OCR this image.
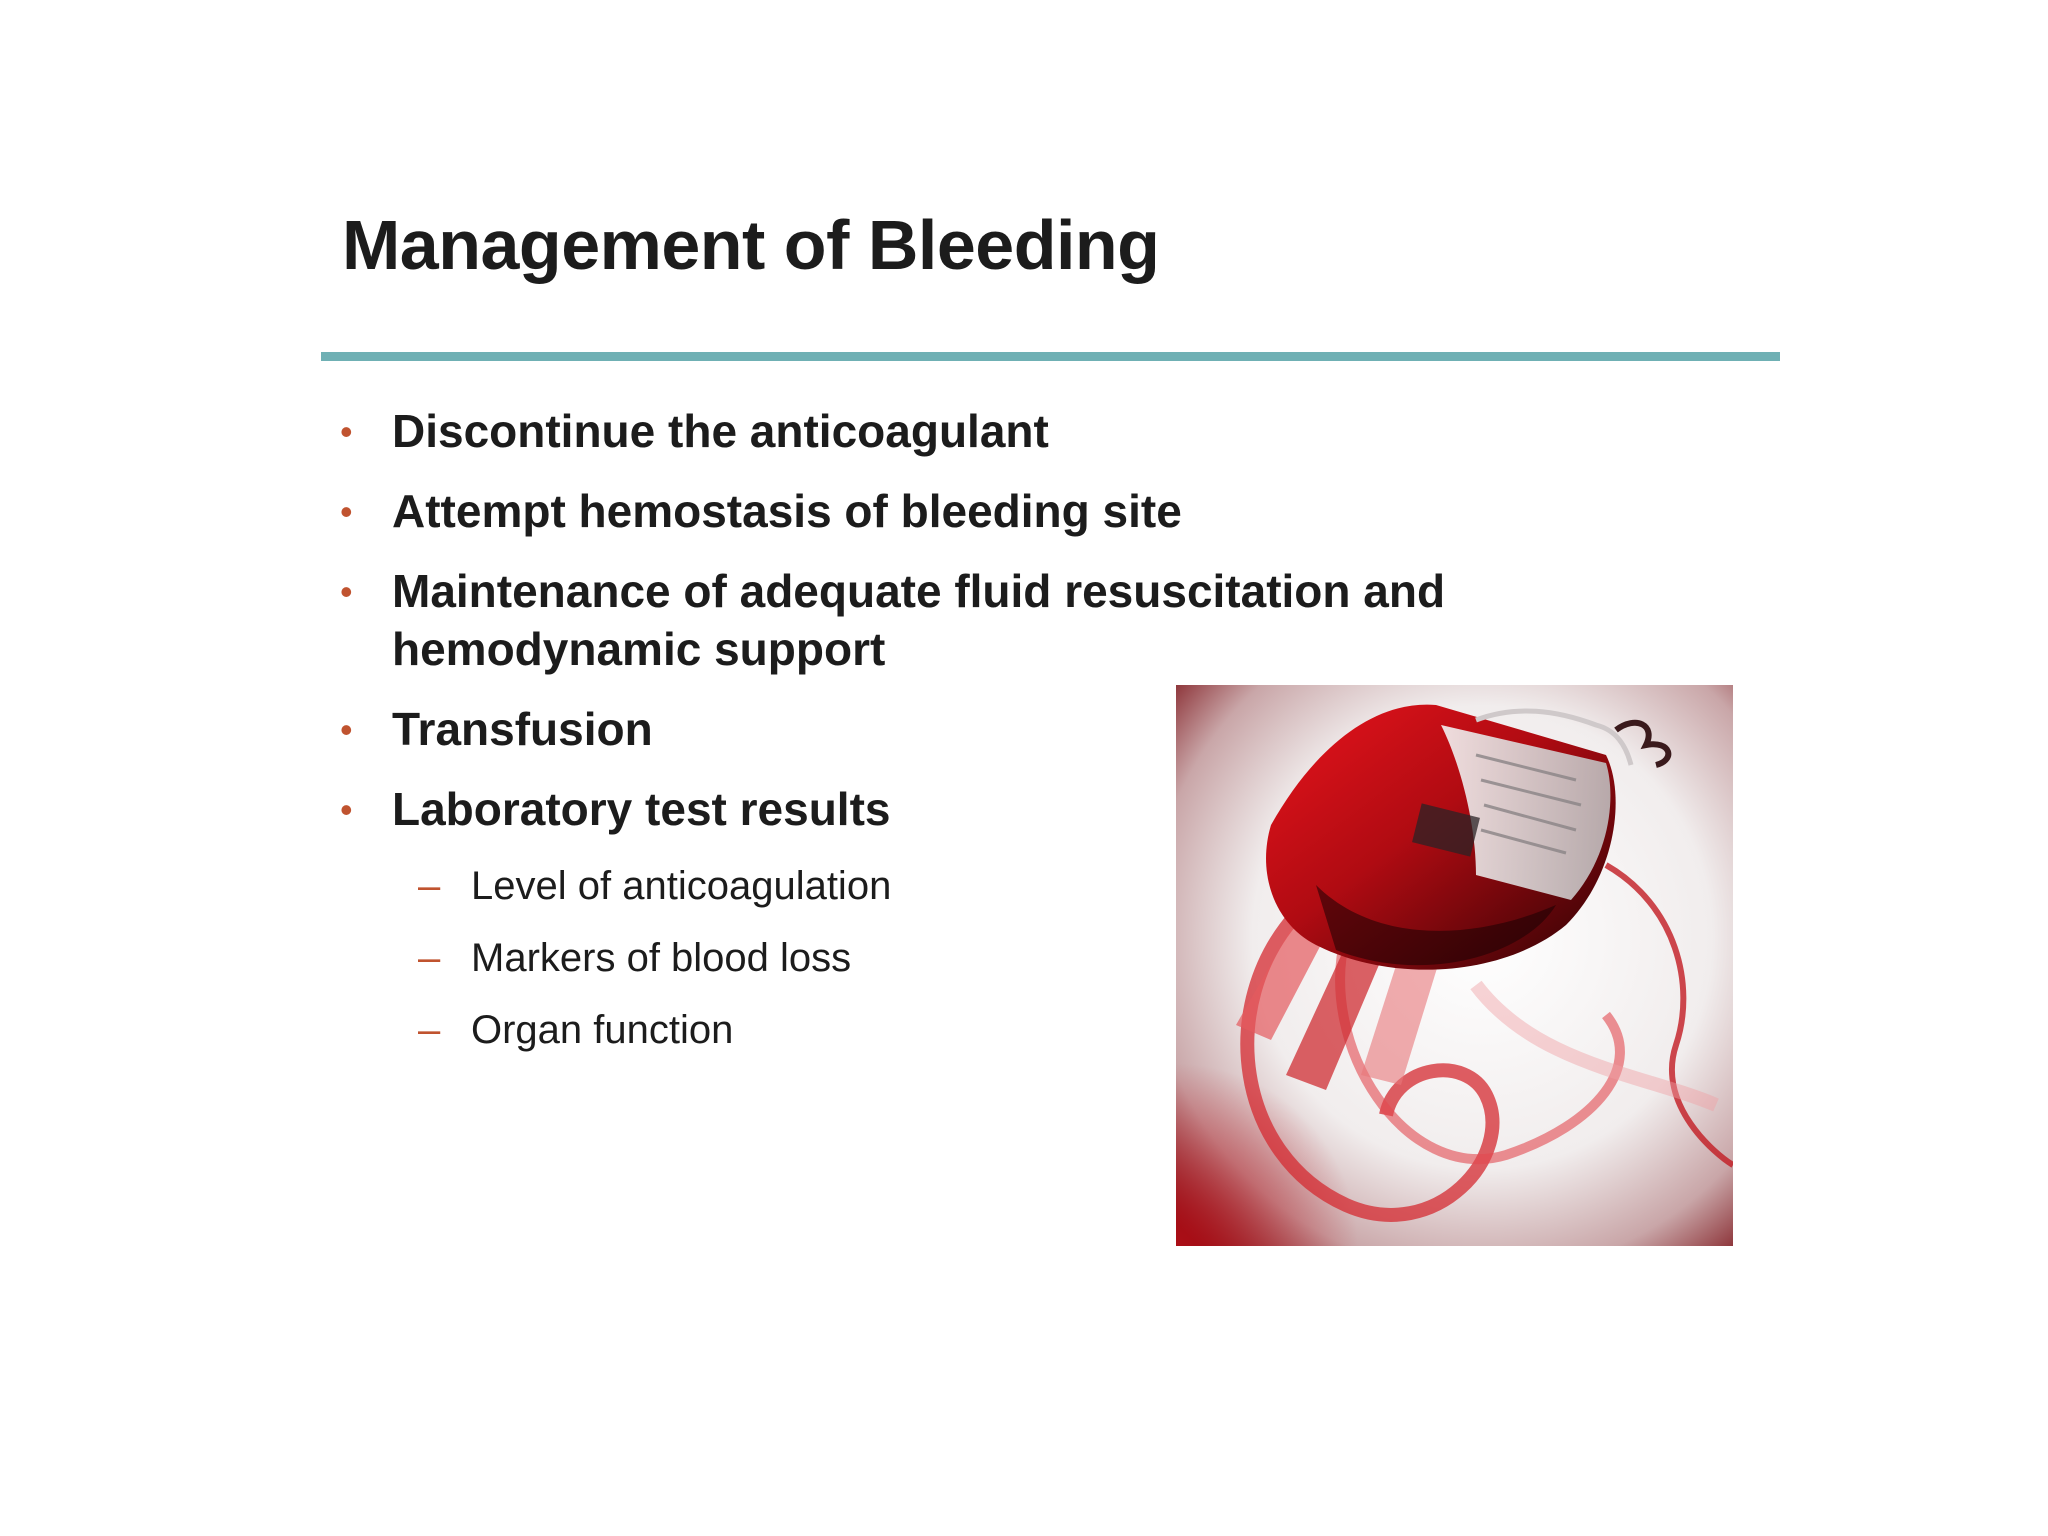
Management of Bleeding
• Discontinue the anticoagulant
• Attempt hemostasis of bleeding site
• Maintenance of adequate fluid resuscitation and
hemodynamic support
• Transfusion
• Laboratory test results
– Level of anticoagulation
– Markers of blood loss
– Organ function
